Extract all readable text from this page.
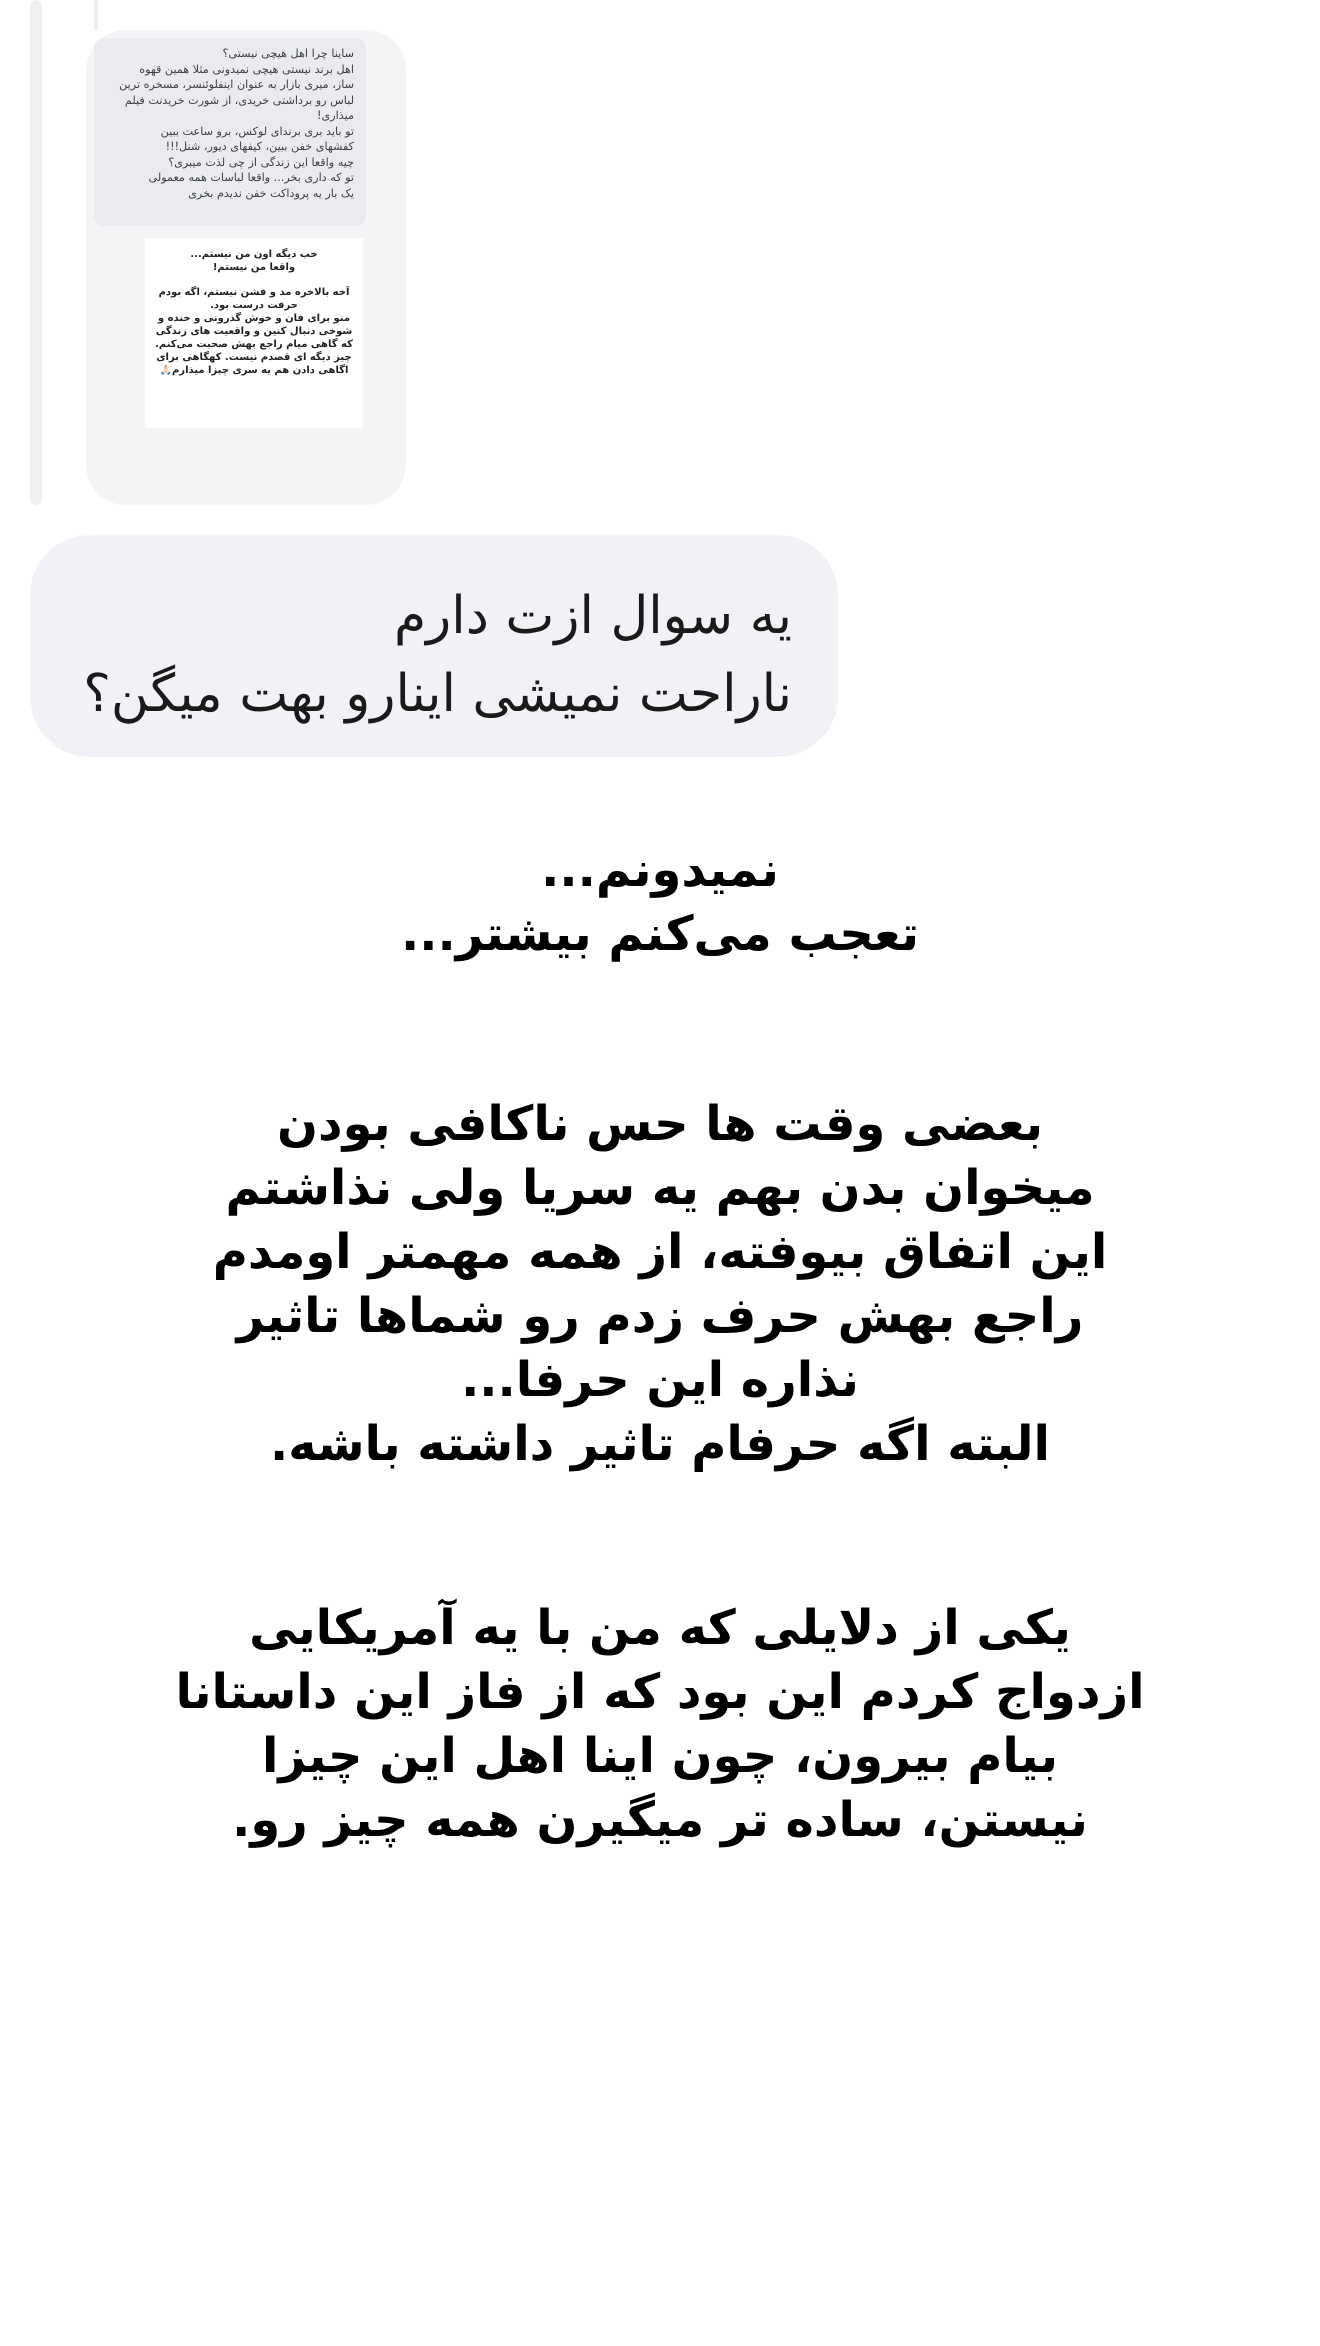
ساینا چرا اهل هیچی نیستی؟
اهل برند نیستی هیچی نمیدونی مثلا همین قهوه
ساز، میری بازار به عنوان اینفلوئنسر، مسخره ترین
لباس رو برداشتی خریدی، از شورت خریدنت فیلم
میذاری!
تو باید بری برندای لوکس، برو ساعت ببین
کفشهای خفن ببین، کیفهای دیور، شنل!!!
چیه واقعا این زندگی از چی لذت میبری؟
تو که داری بخر... واقعا لباسات همه معمولی
یک بار یه پروداکت خفن ندیدم بخری
خب دیگه اون من نیستم...
واقعا من نیستم!
آخه بالاخره مد و فشن نیستم، اگه بودم
حرفت درست بود.
منو برای فان و خوش گذرونی و خنده و
شوخی دنبال کنین و واقعیت های زندگی
که گاهی میام راجع بهش صحبت می‌کنم.
چیز دیگه ای قصدم نیست. کهگاهی برای
اگاهی دادن هم یه سری چیزا میذارم🙏🏻
یه سوال ازت دارم
ناراحت نمیشی اینارو بهت میگن؟
نمیدونم...
تعجب می‌کنم بیشتر...
بعضی وقت ها حس ناکافی بودن
میخوان بدن بهم یه سریا ولی نذاشتم
این اتفاق بیوفته، از همه مهمتر اومدم
راجع بهش حرف زدم رو شماها تاثیر
نذاره این حرفا...
البته اگه حرفام تاثیر داشته باشه.
یکی از دلایلی که من با یه آمریکایی
ازدواج کردم این بود که از فاز این داستانا
بیام بیرون، چون اینا اهل این چیزا
نیستن، ساده تر میگیرن همه چیز رو.
